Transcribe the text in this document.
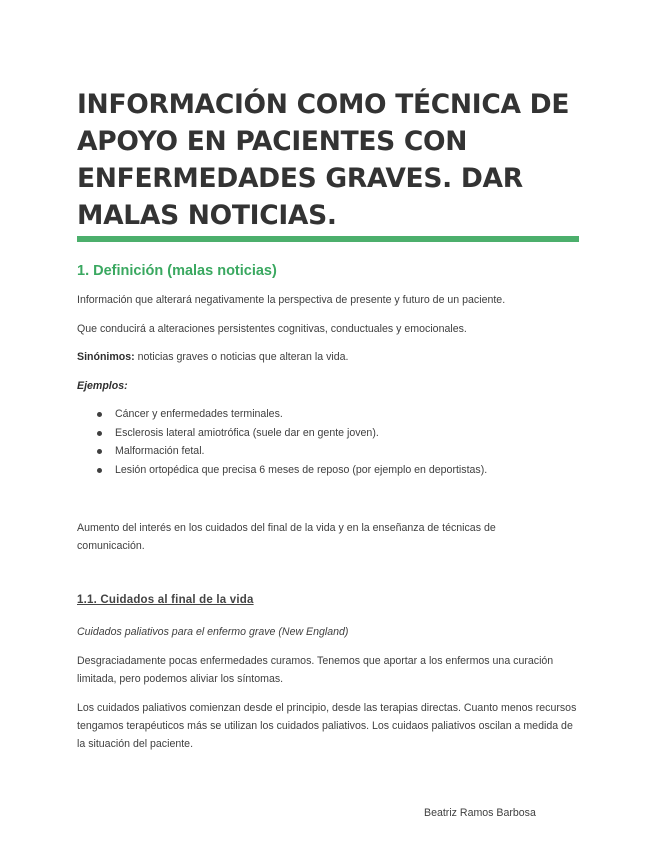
INFORMACIÓN COMO TÉCNICA DE APOYO EN PACIENTES CON ENFERMEDADES GRAVES. DAR MALAS NOTICIAS.
1. Definición (malas noticias)

Información que alterará negativamente la perspectiva de presente y futuro de un paciente.

Que conducirá a alteraciones persistentes cognitivas, conductuales y emocionales.

Sinónimos: noticias graves o noticias que alteran la vida.

Ejemplos:

Cáncer y enfermedades terminales.
Esclerosis lateral amiotrófica (suele dar en gente joven).
Malformación fetal.
Lesión ortopédica que precisa 6 meses de reposo (por ejemplo en deportistas).

Aumento del interés en los cuidados del final de la vida y en la enseñanza de técnicas de comunicación.

1.1. Cuidados al final de la vida

Cuidados paliativos para el enfermo grave (New England)

Desgraciadamente pocas enfermedades curamos. Tenemos que aportar a los enfermos una curación limitada, pero podemos aliviar los síntomas.

Los cuidados paliativos comienzan desde el principio, desde las terapias directas. Cuanto menos recursos tengamos terapéuticos más se utilizan los cuidados paliativos. Los cuidaos paliativos oscilan a medida de la situación del paciente.

Beatriz Ramos Barbosa
